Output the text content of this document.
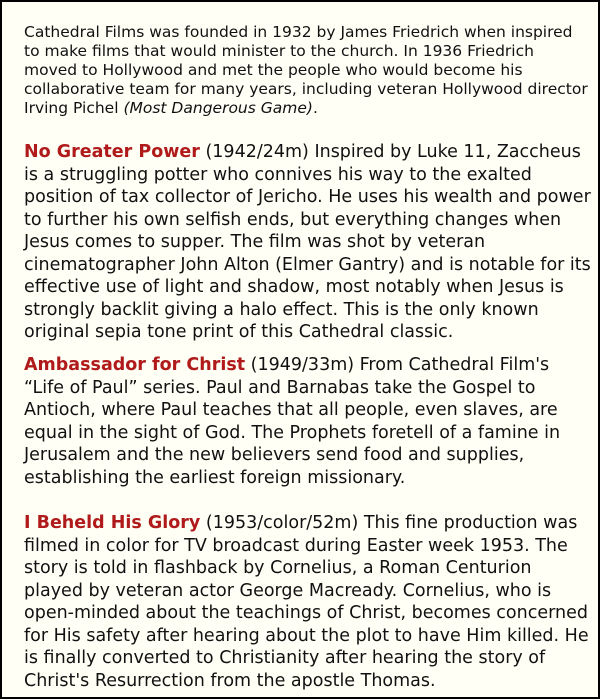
Cathedral Films was founded in 1932 by James Friedrich when inspired to make films that would minister to the church. In 1936 Friedrich moved to Hollywood and met the people who would become his collaborative team for many years, including veteran Hollywood director Irving Pichel (Most Dangerous Game).

No Greater Power (1942/24m) Inspired by Luke 11, Zaccheus is a struggling potter who connives his way to the exalted position of tax collector of Jericho. He uses his wealth and power to further his own selfish ends, but everything changes when Jesus comes to supper. The film was shot by veteran cinematographer John Alton (Elmer Gantry) and is notable for its effective use of light and shadow, most notably when Jesus is strongly backlit giving a halo effect. This is the only known original sepia tone print of this Cathedral classic.

Ambassador for Christ (1949/33m) From Cathedral Film's “Life of Paul” series. Paul and Barnabas take the Gospel to Antioch, where Paul teaches that all people, even slaves, are equal in the sight of God. The Prophets foretell of a famine in Jerusalem and the new believers send food and supplies, establishing the earliest foreign missionary.

I Beheld His Glory (1953/color/52m) This fine production was filmed in color for TV broadcast during Easter week 1953. The story is told in flashback by Cornelius, a Roman Centurion played by veteran actor George Macready. Cornelius, who is open-minded about the teachings of Christ, becomes concerned for His safety after hearing about the plot to have Him killed. He is finally converted to Christianity after hearing the story of Christ's Resurrection from the apostle Thomas.
